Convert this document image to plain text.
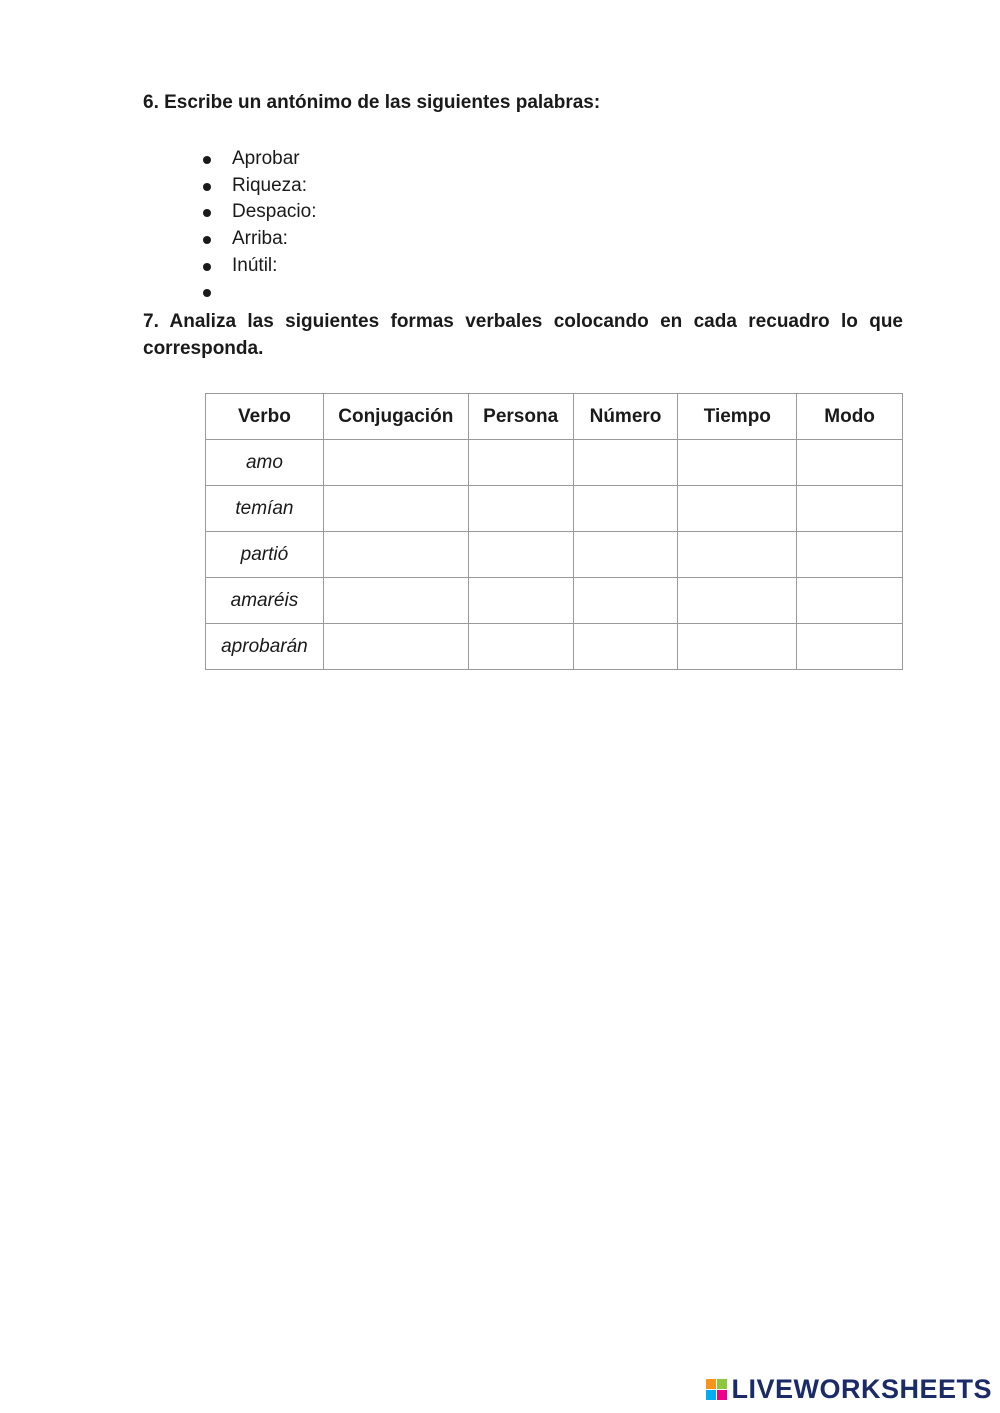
6. Escribe un antónimo de las siguientes palabras:

Aprobar
Riqueza:
Despacio:
Arriba:
Inútil:

7. Analiza las siguientes formas verbales colocando en cada recuadro lo que corresponda.

Verbo	Conjugación	Persona	Número	Tiempo	Modo
amo					
temían					
partió					
amaréis					
aprobarán					
LIVEWORKSHEETS
